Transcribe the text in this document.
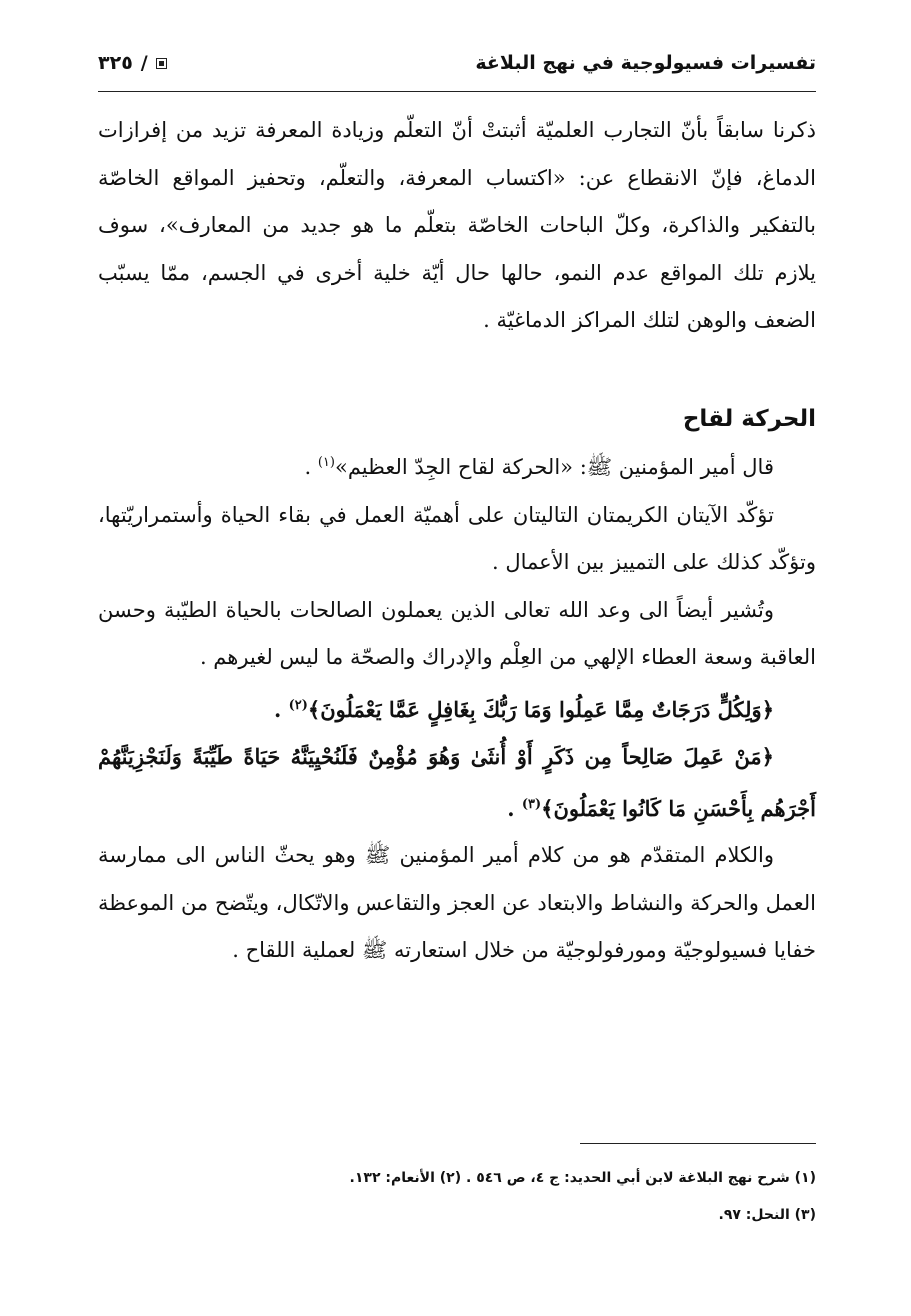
تفسيرات فسيولوجية في نهج البلاغة
٣٢٥ /

ذكرنا سابقاً بأنّ التجارب العلميّة أثبتتْ أنّ التعلّم وزيادة المعرفة تزيد من إفرازات الدماغ، فإنّ الانقطاع عن: «اكتساب المعرفة، والتعلّم، وتحفيز المواقع الخاصّة بالتفكير والذاكرة، وكلّ الباحات الخاصّة بتعلّم ما هو جديد من المعارف»، سوف يلازم تلك المواقع عدم النمو، حالها حال أيّة خلية أخرى في الجسم، ممّا يسبّب الضعف والوهن لتلك المراكز الدماغيّة .

الحركة لقاح

قال أمير المؤمنين ﷺ: «الحركة لقاح الجِدّ العظيم»$^{(١)}$ .

تؤكّد الآيتان الكريمتان التاليتان على أهميّة العمل في بقاء الحياة وأستمراريّتها، وتؤكّد كذلك على التمييز بين الأعمال .

وتُشير أيضاً الى وعد الله تعالى الذين يعملون الصالحات بالحياة الطيّبة وحسن العاقبة وسعة العطاء الإلهي من العِلْم والإدراك والصحّة ما ليس لغيرهم .

﴿وَلِكُلٍّ دَرَجَاتٌ مِمَّا عَمِلُوا وَمَا رَبُّكَ بِغَافِلٍ عَمَّا يَعْمَلُونَ﴾$^{(٢)}$ .

﴿مَنْ عَمِلَ صَالِحاً مِن ذَكَرٍ أَوْ أُنثَىٰ وَهُوَ مُؤْمِنٌ فَلَنُحْيِيَنَّهُ حَيَاةً طَيِّبَةً وَلَنَجْزِيَنَّهُمْ أَجْرَهُم بِأَحْسَنِ مَا كَانُوا يَعْمَلُونَ﴾$^{(٣)}$ .

والكلام المتقدّم هو من كلام أمير المؤمنين ﷺ وهو يحثّ الناس الى ممارسة العمل والحركة والنشاط والابتعاد عن العجز والتقاعس والاتّكال، ويتّضح من الموعظة خفايا فسيولوجيّة ومورفولوجيّة من خلال استعارته ﷺ لعملية اللقاح .

(١) شرح نهج البلاغة لابن أبي الحديد: ج ٤، ص ٥٤٦ . (٢) الأنعام: ١٣٢.

(٣) النحل: ٩٧.
